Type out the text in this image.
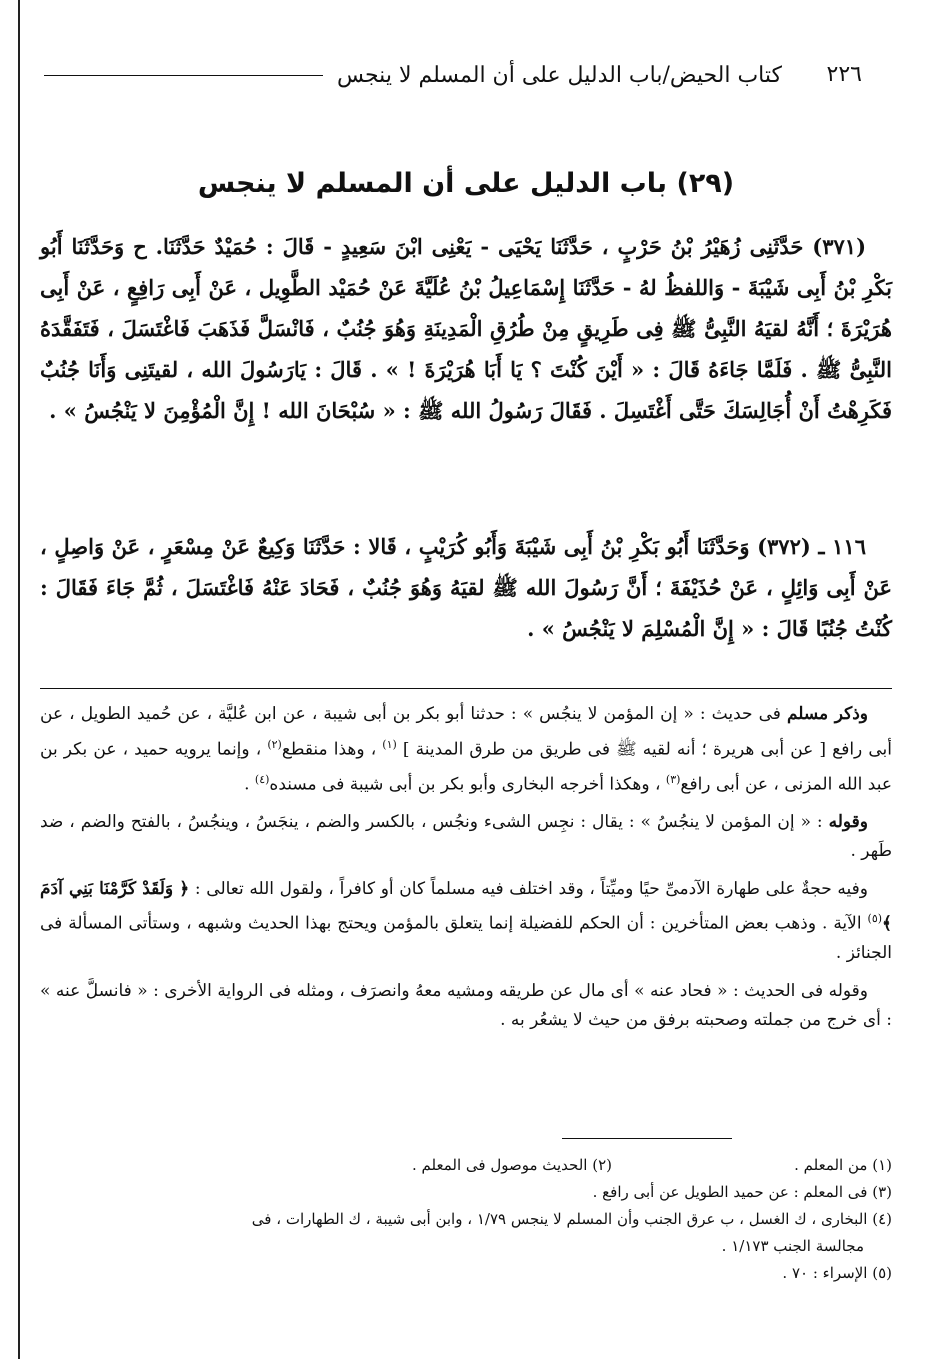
٢٢٦
كتاب الحيض/باب الدليل على أن المسلم لا ينجس
(٢٩) باب الدليل على أن المسلم لا ينجس

(٣٧١) حَدَّثَنِى زُهَيْرُ بْنُ حَرْبٍ ، حَدَّثَنَا يَحْيَى - يَعْنِى ابْنَ سَعِيدٍ - قَالَ : حُمَيْدٌ حَدَّثَنَا. ح وَحَدَّثَنَا أَبُو بَكْرِ بْنُ أَبِى شَيْبَةَ - وَاللفظُ لهُ - حَدَّثَنَا إِسْمَاعِيلُ بْنُ عُلَيَّةَ عَنْ حُمَيْد الطَّوِيل ، عَنْ أَبِى رَافِعٍ ، عَنْ أَبِى هُرَيْرَةَ ؛ أَنَّهُ لقيَهُ النَّبِىُّ ﷺ فِى طَرِيقٍ مِنْ طُرُقِ الْمَدِينَةِ وَهُوَ جُنُبٌ ، فَانْسَلَّ فَذَهَبَ فَاغْتَسَلَ ، فَتَفَقَّدَهُ النَّبِىُّ ﷺ . فَلَمَّا جَاءَهُ قَالَ : « أَيْنَ كُنْتَ ؟ يَا أَبَا هُرَيْرَةَ ! » . قَالَ : يَارَسُولَ الله ، لقيتَنِى وَأَنَا جُنُبٌ فَكَرِهْتُ أَنْ أُجَالِسَكَ حَتَّى أَغْتَسِلَ . فَقَالَ رَسُولُ الله ﷺ : « سُبْحَانَ الله ! إِنَّ الْمُؤْمِنَ لا يَنْجُسُ » .

١١٦ ـ (٣٧٢) وَحَدَّثَنَا أَبُو بَكْرِ بْنُ أَبِى شَيْبَةَ وَأَبُو كُرَيْبٍ ، قَالا : حَدَّثَنَا وَكِيعٌ عَنْ مِسْعَرٍ ، عَنْ وَاصِلٍ ، عَنْ أَبِى وَائِلٍ ، عَنْ حُذَيْفَةَ ؛ أَنَّ رَسُولَ الله ﷺ لقيَهُ وَهُوَ جُنُبٌ ، فَحَادَ عَنْهُ فَاغْتَسَلَ ، ثُمَّ جَاءَ فَقَالَ : كُنْتُ جُنُبًا قَالَ : « إِنَّ الْمُسْلِمَ لا يَنْجُسُ » .

وذكر مسلم فى حديث : « إن المؤمن لا ينجُس » : حدثنا أبو بكر بن أبى شيبة ، عن ابن عُليَّة ، عن حُميد الطويل ، عن أبى رافع [ عن أبى هريرة ؛ أنه لقيه ﷺ فى طريق من طرق المدينة ] $^{(١)}$ ، وهذا منقطع$^{(٢)}$ ، وإنما يرويه حميد ، عن بكر بن عبد الله المزنى ، عن أبى رافع$^{(٣)}$ ، وهكذا أخرجه البخارى وأبو بكر بن أبى شيبة فى مسنده$^{(٤)}$ .

وقوله : « إن المؤمن لا ينجُسُ » : يقال : نجِس الشىء ونجُس ، بالكسر والضم ، ينجَسُ ، وينجُسُ ، بالفتح والضم ، ضد طَهر .

وفيه حجةٌ على طهارة الآدمىِّ حيًا وميِّتاً ، وقد اختلف فيه مسلماً كان أو كافراً ، ولقول الله تعالى : ﴿ وَلَقَدْ كَرَّمْنَا بَنِي آدَمَ ﴾$^{(٥)}$ الآية . وذهب بعض المتأخرين : أن الحكم للفضيلة إنما يتعلق بالمؤمن ويحتج بهذا الحديث وشبهه ، وستأتى المسألة فى الجنائز .

وقوله فى الحديث : « فحاد عنه » أى مال عن طريقه ومشيه معهُ وانصرَف ، ومثله فى الرواية الأخرى : « فانسلَّ عنه » : أى خرج من جملته وصحبته برفق من حيث لا يشعُر به .

(١) من المعلم .
(٢) الحديث موصول فى المعلم .

(٣) فى المعلم : عن حميد الطويل عن أبى رافع .

(٤) البخارى ، ك الغسل ، ب عرق الجنب وأن المسلم لا ينجس ١/٧٩ ، وابن أبى شيبة ، ك الطهارات ، فى

مجالسة الجنب ١/١٧٣ .

(٥) الإسراء : ٧٠ .
